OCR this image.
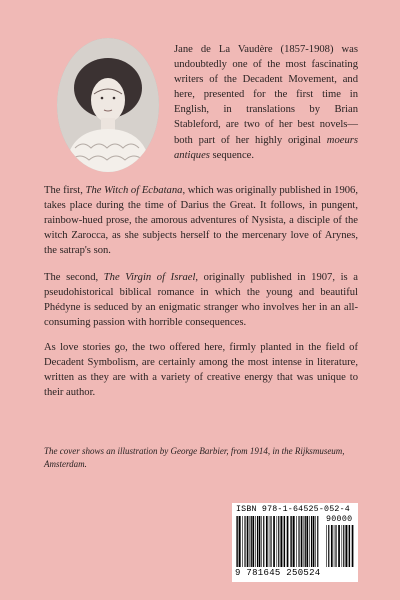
Jane de La Vaudère (1857-1908) was undoubtedly one of the most fascinating writers of the Decadent Movement, and here, presented for the first time in English, in translations by Brian Stableford, are two of her best novels—both part of her highly original moeurs antiques sequence.

The first, The Witch of Ecbatana, which was originally published in 1906, takes place during the time of Darius the Great. It follows, in pungent, rainbow-hued prose, the amorous adventures of Nysista, a disciple of the witch Zarocca, as she subjects herself to the mercenary love of Arynes, the satrap's son.

The second, The Virgin of Israel, originally published in 1907, is a pseudohistorical biblical romance in which the young and beautiful Phédyne is seduced by an enigmatic stranger who involves her in an all-consuming passion with horrible consequences.

As love stories go, the two offered here, firmly planted in the field of Decadent Symbolism, are certainly among the most intense in literature, written as they are with a variety of creative energy that was unique to their author.

The cover shows an illustration by George Barbier, from 1914, in the Rijksmuseum, Amsterdam.

ISBN 978-1-64525-052-4
90000
9 781645 250524
